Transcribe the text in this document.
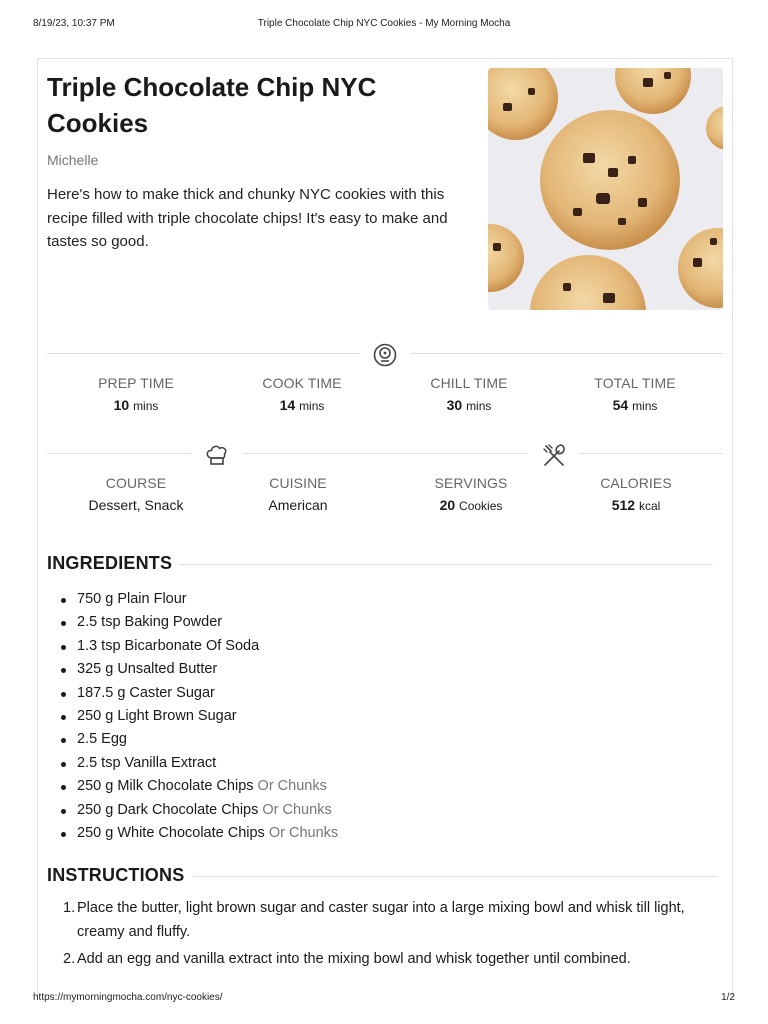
8/19/23, 10:37 PM	Triple Chocolate Chip NYC Cookies - My Morning Mocha
Triple Chocolate Chip NYC Cookies
Michelle

Here's how to make thick and chunky NYC cookies with this recipe filled with triple chocolate chips! It's easy to make and tastes so good.

PREP TIME
10 mins
COOK TIME
14 mins
CHILL TIME
30 mins
TOTAL TIME
54 mins
COURSE
Dessert, Snack
CUISINE
American
SERVINGS
20 Cookies
CALORIES
512 kcal
INGREDIENTS
750 g Plain Flour
2.5 tsp Baking Powder
1.3 tsp Bicarbonate Of Soda
325 g Unsalted Butter
187.5 g Caster Sugar
250 g Light Brown Sugar
2.5 Egg
2.5 tsp Vanilla Extract
250 g Milk Chocolate Chips Or Chunks
250 g Dark Chocolate Chips Or Chunks
250 g White Chocolate Chips Or Chunks
INSTRUCTIONS
1. Place the butter, light brown sugar and caster sugar into a large mixing bowl and whisk till light, creamy and fluffy.
2. Add an egg and vanilla extract into the mixing bowl and whisk together until combined.
https://mymorningmocha.com/nyc-cookies/	1/2
